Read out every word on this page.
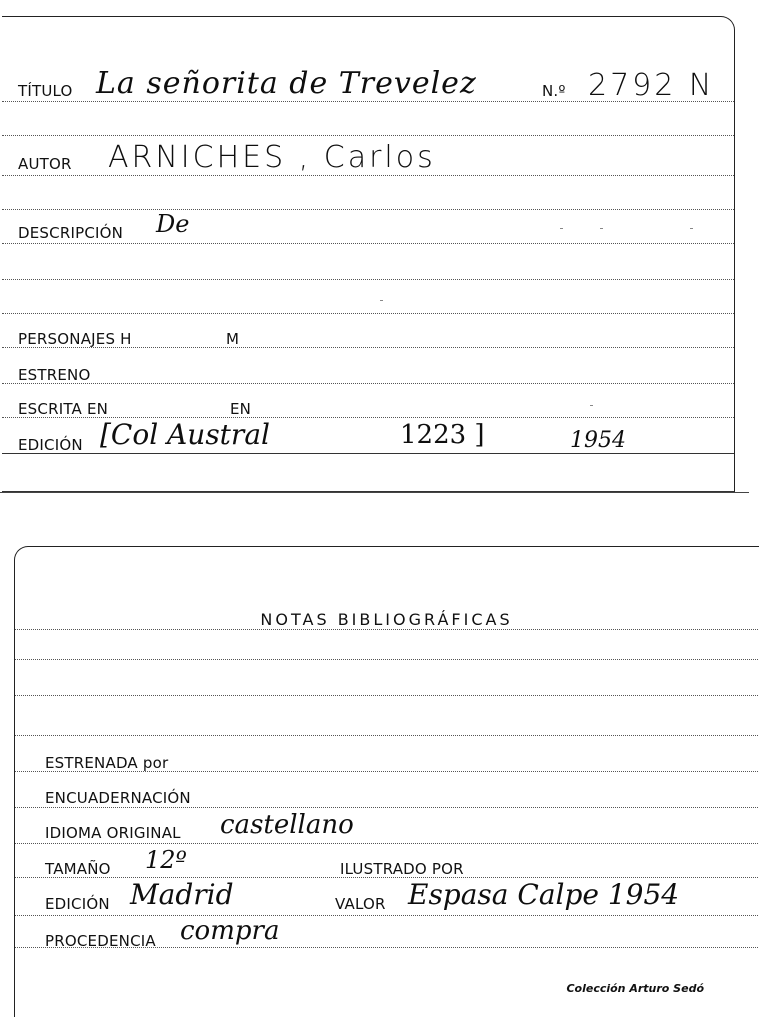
TÍTULO La señorita de Trevelez	N.º 2792 N
AUTOR ARNICHES , Carlos
DESCRIPCIÓN De
PERSONAJES H	M
ESTRENO
ESCRITA EN	EN
EDICIÓN [Col Austral	1223 ]	1954
NOTAS BIBLIOGRÁFICAS
ESTRENADA por
ENCUADERNACIÓN
IDIOMA ORIGINAL castellano
TAMAÑO 12º	ILUSTRADO POR
EDICIÓN Madrid	VALOR Espasa Calpe 1954
PROCEDENCIA compra
Colección Arturo Sedó
